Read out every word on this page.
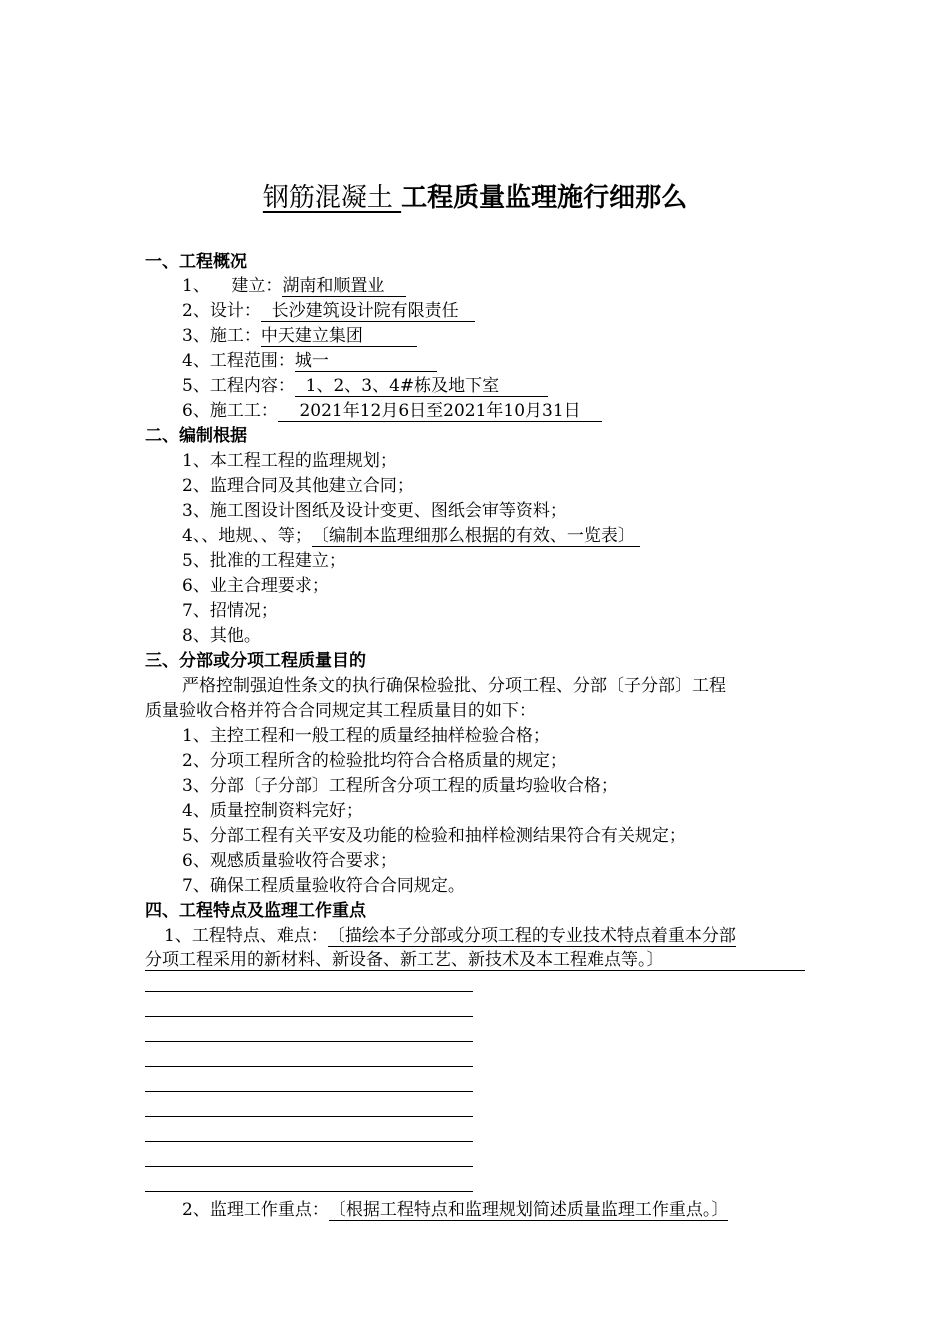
钢筋混凝土 工程质量监理施行细那么
一、工程概况
1、    建立：湖南和顺置业
2、设计：  长沙建筑设计院有限责任
3、施工：中天建立集团
4、工程范围：城一
5、工程内容：  1、2、3、4#栋及地下室
6、施工工：    2021年12月6日至2021年10月31日
二、编制根据
1、本工程工程的监理规划；
2、监理合同及其他建立合同；
3、施工图设计图纸及设计变更、图纸会审等资料；
4、、地规、、等；〔编制本监理细那么根据的有效、一览表〕
5、批准的工程建立；
6、业主合理要求；
7、招情况；
8、其他。
三、分部或分项工程质量目的
严格控制强迫性条文的执行确保检验批、分项工程、分部〔子分部〕工程
质量验收合格并符合合同规定其工程质量目的如下：
1、主控工程和一般工程的质量经抽样检验合格；
2、分项工程所含的检验批均符合合格质量的规定；
3、分部〔子分部〕工程所含分项工程的质量均验收合格；
4、质量控制资料完好；
5、分部工程有关平安及功能的检验和抽样检测结果符合有关规定；
6、观感质量验收符合要求；
7、确保工程质量验收符合合同规定。
四、工程特点及监理工作重点
1、工程特点、难点：〔描绘本子分部或分项工程的专业技术特点着重本分部
分项工程采用的新材料、新设备、新工艺、新技术及本工程难点等。〕
2、监理工作重点：〔根据工程特点和监理规划简述质量监理工作重点。〕
